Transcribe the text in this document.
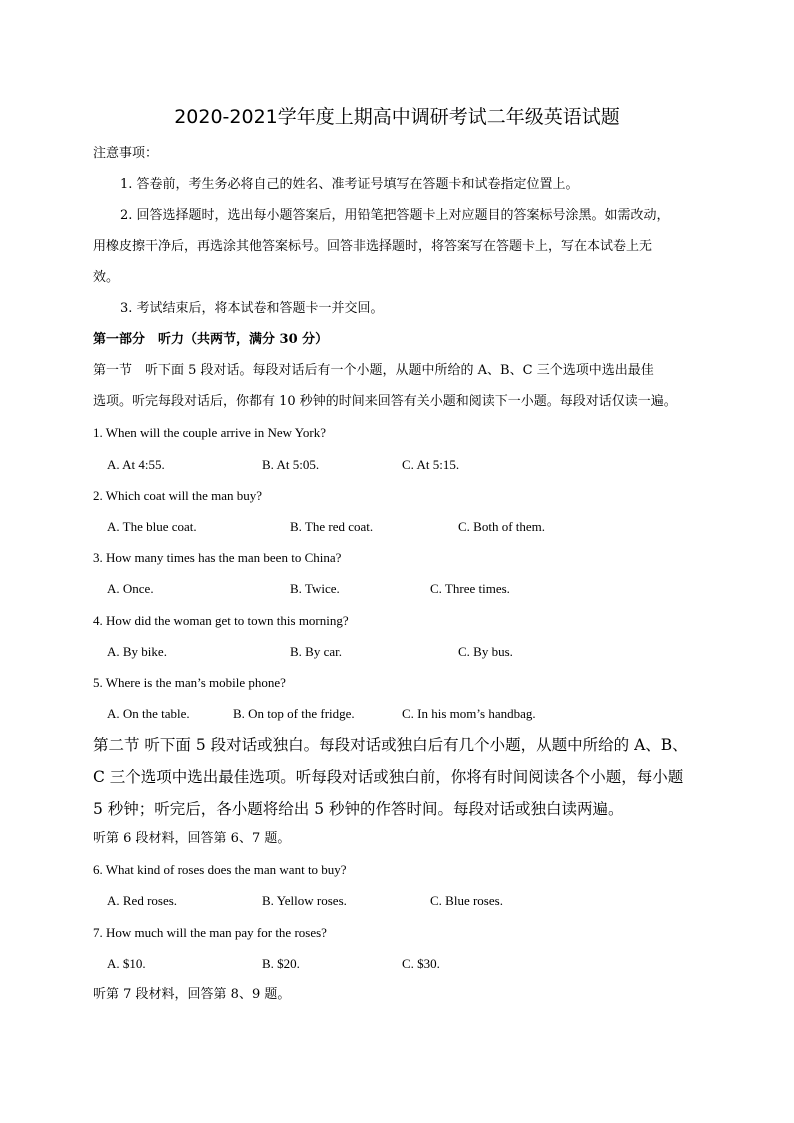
2020-2021学年度上期高中调研考试二年级英语试题
注意事项：
1. 答卷前，考生务必将自己的姓名、准考证号填写在答题卡和试卷指定位置上。
2. 回答选择题时，选出每小题答案后，用铅笔把答题卡上对应题目的答案标号涂黑。如需改动，
用橡皮擦干净后，再选涂其他答案标号。回答非选择题时，将答案写在答题卡上，写在本试卷上无
效。
3. 考试结束后，将本试卷和答题卡一并交回。
第一部分　听力（共两节，满分 30 分）
第一节　听下面 5 段对话。每段对话后有一个小题，从题中所给的 A、B、C 三个选项中选出最佳
选项。听完每段对话后，你都有 10 秒钟的时间来回答有关小题和阅读下一小题。每段对话仅读一遍。
1. When will the couple arrive in New York?
A. At 4:55.	B. At 5:05.	C. At 5:15.
2. Which coat will the man buy?
A. The blue coat.	B. The red coat.	C. Both of them.
3. How many times has the man been to China?
A. Once.	B. Twice.	C. Three times.
4. How did the woman get to town this morning?
A. By bike.	B. By car.	C. By bus.
5. Where is the man’s mobile phone?
A. On the table.	B. On top of the fridge.	C. In his mom’s handbag.
第二节 听下面 5 段对话或独白。每段对话或独白后有几个小题，从题中所给的 A、B、
C 三个选项中选出最佳选项。听每段对话或独白前，你将有时间阅读各个小题，每小题
5 秒钟；听完后，各小题将给出 5 秒钟的作答时间。每段对话或独白读两遍。
听第 6 段材料，回答第 6、7 题。
6. What kind of roses does the man want to buy?
A. Red roses.	B. Yellow roses.	C. Blue roses.
7. How much will the man pay for the roses?
A. $10.	B. $20.	C. $30.
听第 7 段材料，回答第 8、9 题。
